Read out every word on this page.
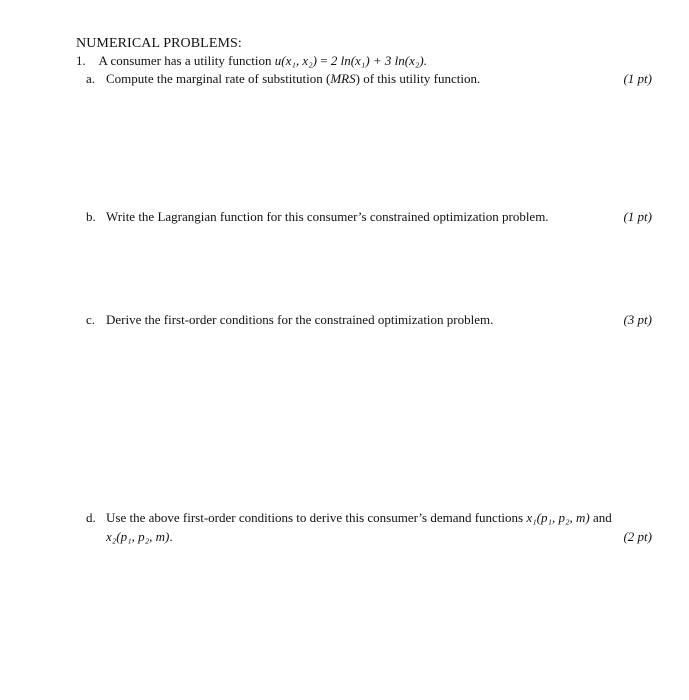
NUMERICAL PROBLEMS:
1. A consumer has a utility function u(x₁, x₂) = 2 ln(x₁) + 3 ln(x₂).
a. Compute the marginal rate of substitution (MRS) of this utility function.	(1 pt)
b. Write the Lagrangian function for this consumer’s constrained optimization problem.	(1 pt)
c. Derive the first-order conditions for the constrained optimization problem.	(3 pt)
d. Use the above first-order conditions to derive this consumer’s demand functions x₁(p₁, p₂, m) and
x₂(p₁, p₂, m).	(2 pt)
